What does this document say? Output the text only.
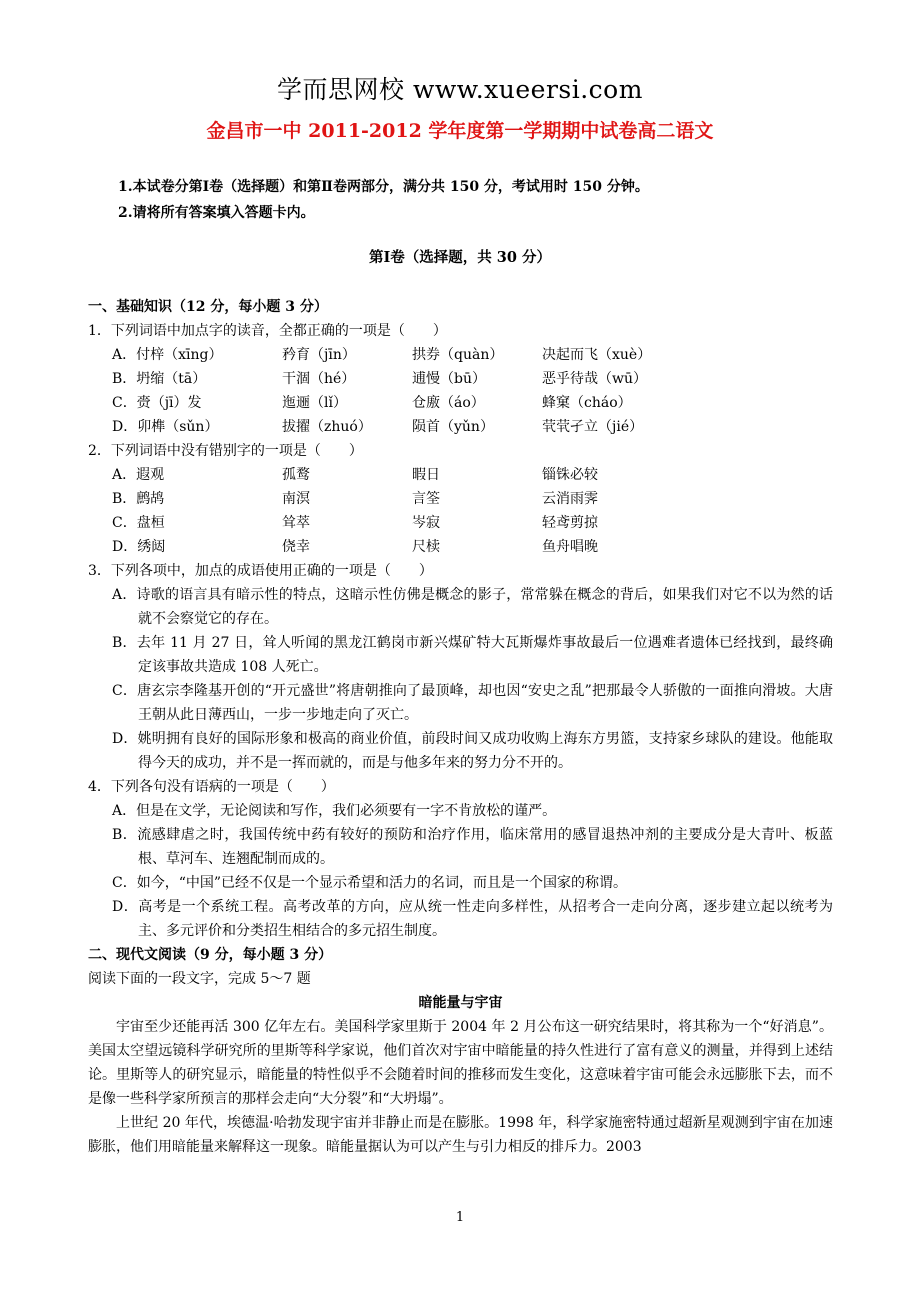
学而思网校 www.xueersi.com
金昌市一中 2011-2012 学年度第一学期期中试卷高二语文
1.本试卷分第Ⅰ卷（选择题）和第Ⅱ卷两部分，满分共 150 分，考试用时 150 分钟。
2.请将所有答案填入答题卡内。
第Ⅰ卷（选择题，共 30 分）
一、基础知识（12 分，每小题 3 分）
1．下列词语中加点字的读音，全都正确的一项是（　　）
A．付梓（xīng）	矜育（jīn）	拱券（quàn）	决起而飞（xuè）
B．坍缩（tā）	干涸（hé）	逋慢（bū）	恶乎待哉（wū）
C．赍（jī）发	迤逦（lǐ）	仓廒（áo）	蜂窠（cháo）
D．卯榫（sǔn）	拔擢（zhuó）	陨首（yǔn）	茕茕孑立（jié）
2．下列词语中没有错别字的一项是（　　）
A．遐观	孤鹜	暇日	锱铢必较
B．鹧鸪	南溟	言筌	云消雨霁
C．盘桓	耸萃	岑寂	轻鸢剪掠
D．绣闼	侥幸	尺椟	鱼舟唱晚
3．下列各项中，加点的成语使用正确的一项是（　　）
A．诗歌的语言具有暗示性的特点，这暗示性仿佛是概念的影子，常常躲在概念的背后，如果我们对它不以为然的话就不会察觉它的存在。
B．去年 11 月 27 日，耸人听闻的黑龙江鹤岗市新兴煤矿特大瓦斯爆炸事故最后一位遇难者遗体已经找到，最终确定该事故共造成 108 人死亡。
C．唐玄宗李隆基开创的“开元盛世”将唐朝推向了最顶峰，却也因“安史之乱”把那最令人骄傲的一面推向滑坡。大唐王朝从此日薄西山，一步一步地走向了灭亡。
D．姚明拥有良好的国际形象和极高的商业价值，前段时间又成功收购上海东方男篮，支持家乡球队的建设。他能取得今天的成功，并不是一挥而就的，而是与他多年来的努力分不开的。
4．下列各句没有语病的一项是（　　）
A．但是在文学，无论阅读和写作，我们必须要有一字不肯放松的谨严。
B．流感肆虐之时，我国传统中药有较好的预防和治疗作用，临床常用的感冒退热冲剂的主要成分是大青叶、板蓝根、草河车、连翘配制而成的。
C．如今，“中国”已经不仅是一个显示希望和活力的名词，而且是一个国家的称谓。
D．高考是一个系统工程。高考改革的方向，应从统一性走向多样性，从招考合一走向分离，逐步建立起以统考为主、多元评价和分类招生相结合的多元招生制度。
二、现代文阅读（9 分，每小题 3 分）
阅读下面的一段文字，完成 5～7 题
暗能量与宇宙
宇宙至少还能再活 300 亿年左右。美国科学家里斯于 2004 年 2 月公布这一研究结果时，将其称为一个“好消息”。美国太空望远镜科学研究所的里斯等科学家说，他们首次对宇宙中暗能量的持久性进行了富有意义的测量，并得到上述结论。里斯等人的研究显示，暗能量的特性似乎不会随着时间的推移而发生变化，这意味着宇宙可能会永远膨胀下去，而不是像一些科学家所预言的那样会走向“大分裂”和“大坍塌”。
上世纪 20 年代，埃德温·哈勃发现宇宙并非静止而是在膨胀。1998 年，科学家施密特通过超新星观测到宇宙在加速膨胀，他们用暗能量来解释这一现象。暗能量据认为可以产生与引力相反的排斥力。2003
1
